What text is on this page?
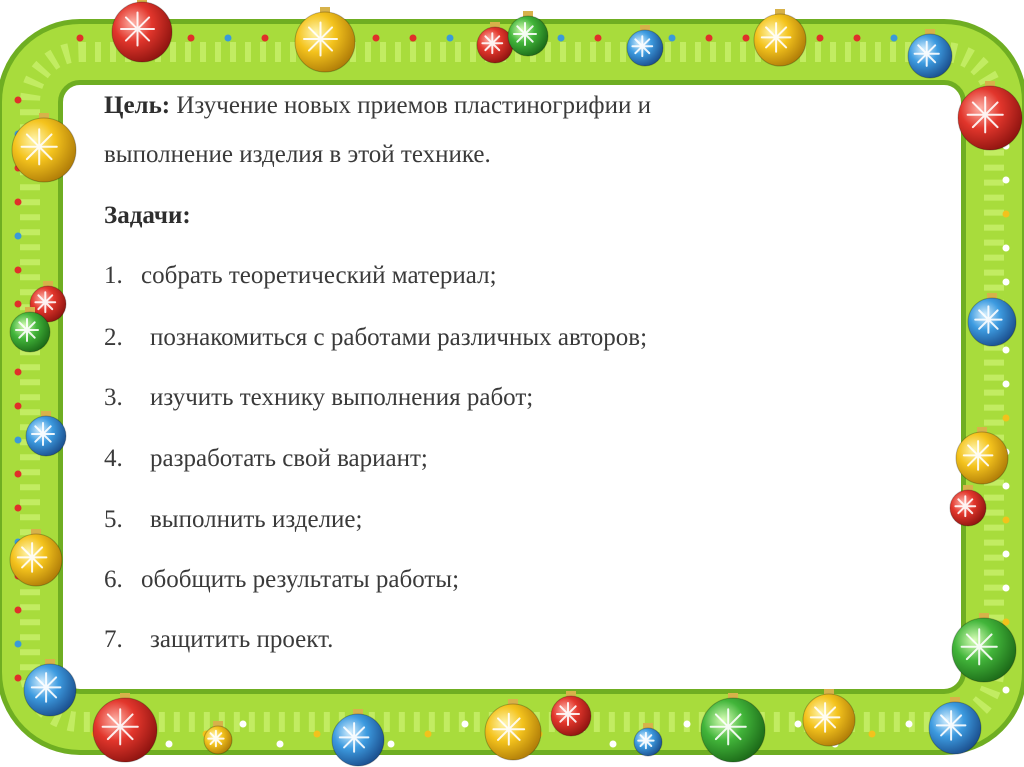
Цель: Изучение новых приемов пластиногрифии и
выполнение изделия в этой технике.
Задачи:
1. собрать теоретический материал;
2. познакомиться с работами различных авторов;
3. изучить технику выполнения работ;
4. разработать свой вариант;
5. выполнить изделие;
6. обобщить результаты работы;
7. защитить проект.
